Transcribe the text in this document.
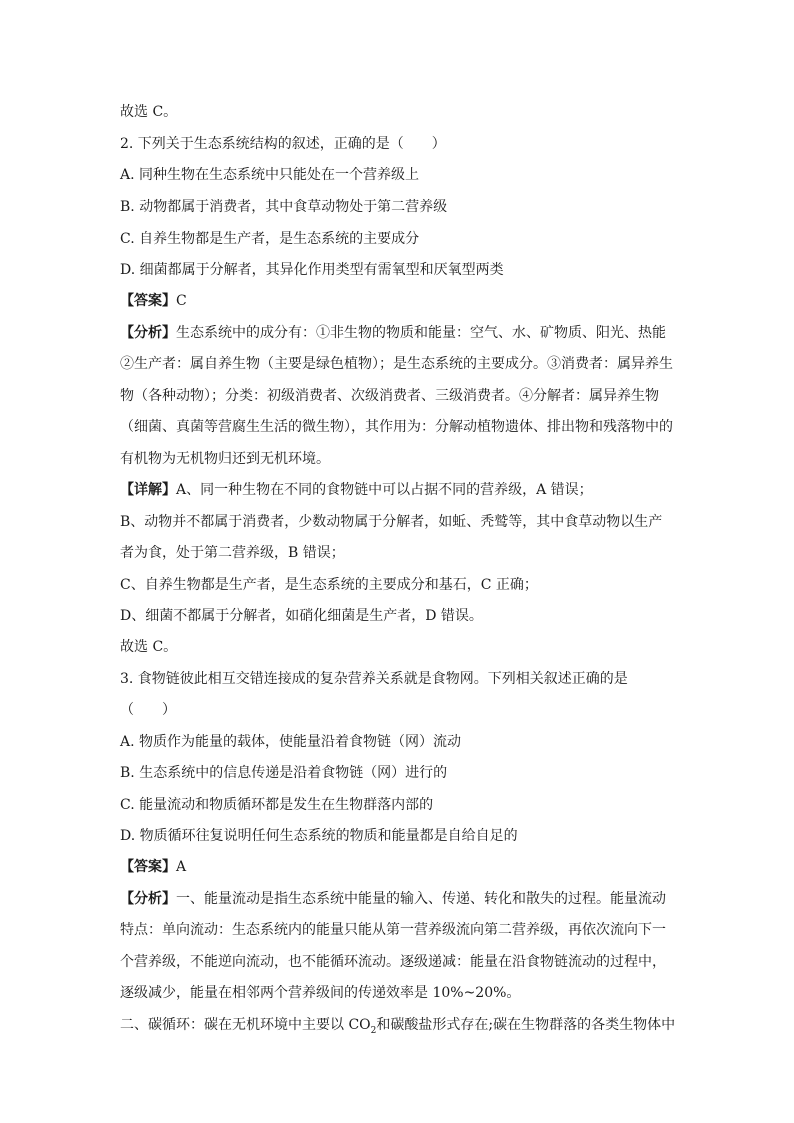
故选 C。
2. 下列关于生态系统结构的叙述，正确的是（　　）
A. 同种生物在生态系统中只能处在一个营养级上
B. 动物都属于消费者，其中食草动物处于第二营养级
C. 自养生物都是生产者，是生态系统的主要成分
D. 细菌都属于分解者，其异化作用类型有需氧型和厌氧型两类
【答案】C
【分析】生态系统中的成分有：①非生物的物质和能量：空气、水、矿物质、阳光、热能
②生产者：属自养生物（主要是绿色植物）；是生态系统的主要成分。③消费者：属异养生
物（各种动物）；分类：初级消费者、次级消费者、三级消费者。④分解者：属异养生物
（细菌、真菌等营腐生生活的微生物），其作用为：分解动植物遗体、排出物和残落物中的
有机物为无机物归还到无机环境。
【详解】A、同一种生物在不同的食物链中可以占据不同的营养级，A 错误；
B、动物并不都属于消费者，少数动物属于分解者，如蚯、秃鹫等，其中食草动物以生产
者为食，处于第二营养级，B 错误；
C、自养生物都是生产者，是生态系统的主要成分和基石，C 正确；
D、细菌不都属于分解者，如硝化细菌是生产者，D 错误。
故选 C。
3. 食物链彼此相互交错连接成的复杂营养关系就是食物网。下列相关叙述正确的是
（　　）
A. 物质作为能量的载体，使能量沿着食物链（网）流动
B. 生态系统中的信息传递是沿着食物链（网）进行的
C. 能量流动和物质循环都是发生在生物群落内部的
D. 物质循环往复说明任何生态系统的物质和能量都是自给自足的
【答案】A
【分析】一、能量流动是指生态系统中能量的输入、传递、转化和散失的过程。能量流动
特点：单向流动：生态系统内的能量只能从第一营养级流向第二营养级，再依次流向下一
个营养级，不能逆向流动，也不能循环流动。逐级递减：能量在沿食物链流动的过程中，
逐级减少，能量在相邻两个营养级间的传递效率是 10%~20%。
二、碳循环：碳在无机环境中主要以 $CO_2$和碳酸盐形式存在;碳在生物群落的各类生物体中
